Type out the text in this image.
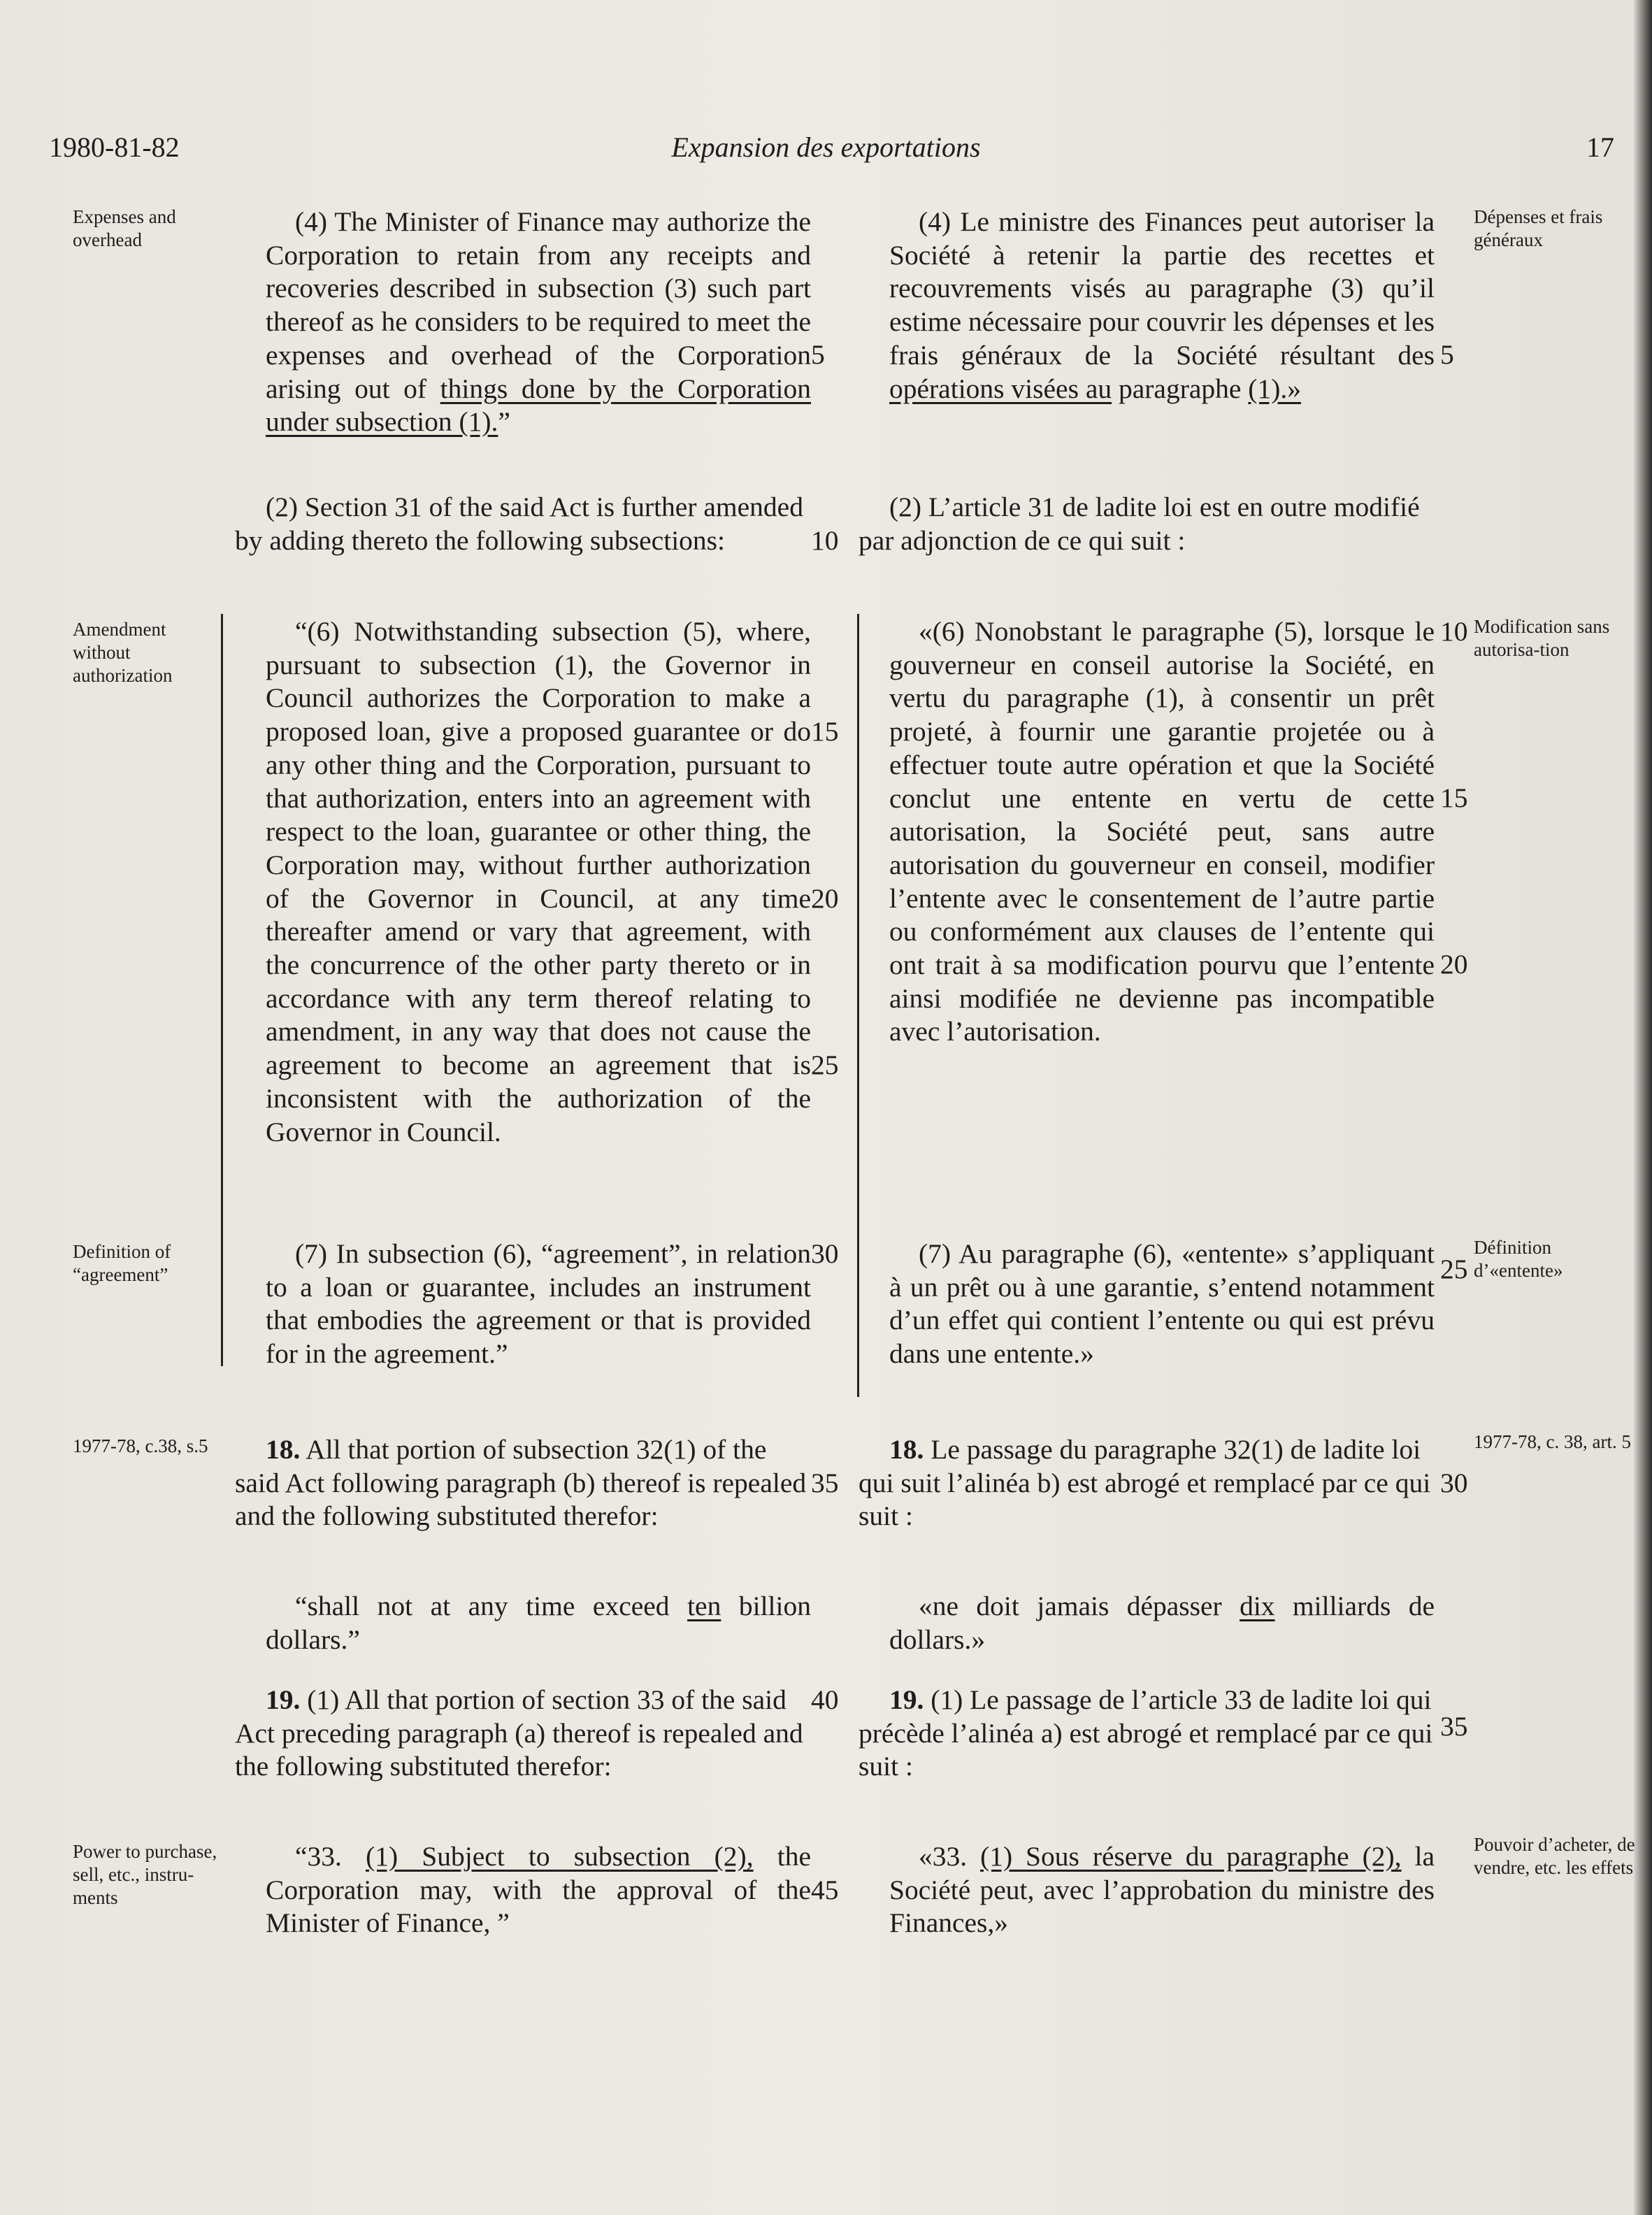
1980-81-82	Expansion des exportations	17
Expenses and overhead
Amendment without authorization
Definition of “agreement”
1977-78, c.38, s.5
Power to purchase, sell, etc., instru-ments
Dépenses et frais généraux
Modification sans autorisa-tion
Définition d’«entente»
1977-78, c. 38, art. 5
Pouvoir d’acheter, de vendre, etc. les effets

(4) The Minister of Finance may authorize the Corporation to retain from any receipts and recoveries described in subsection (3) such part thereof as he considers to be required to meet the expenses and overhead of the Corporation arising out of things done by the Corporation under subsection (1).”

(2) Section 31 of the said Act is further amended by adding thereto the following subsections:

“(6) Notwithstanding subsection (5), where, pursuant to subsection (1), the Governor in Council authorizes the Corporation to make a proposed loan, give a proposed guarantee or do any other thing and the Corporation, pursuant to that authorization, enters into an agreement with respect to the loan, guarantee or other thing, the Corporation may, without further authorization of the Governor in Council, at any time thereafter amend or vary that agreement, with the concurrence of the other party thereto or in accordance with any term thereof relating to amendment, in any way that does not cause the agreement to become an agreement that is inconsistent with the authorization of the Governor in Council.

(7) In subsection (6), “agreement”, in relation to a loan or guarantee, includes an instrument that embodies the agreement or that is provided for in the agreement.”

18. All that portion of subsection 32(1) of the said Act following paragraph (b) thereof is repealed and the following substituted therefor:

“shall not at any time exceed ten billion dollars.”

19. (1) All that portion of section 33 of the said Act preceding paragraph (a) thereof is repealed and the following substituted therefor:

“33. (1) Subject to subsection (2), the Corporation may, with the approval of the Minister of Finance, ”

(4) Le ministre des Finances peut autoriser la Société à retenir la partie des recettes et recouvrements visés au paragraphe (3) qu’il estime nécessaire pour couvrir les dépenses et les frais généraux de la Société résultant des opérations visées au paragraphe (1).»

(2) L’article 31 de ladite loi est en outre modifié par adjonction de ce qui suit :

«(6) Nonobstant le paragraphe (5), lorsque le gouverneur en conseil autorise la Société, en vertu du paragraphe (1), à consentir un prêt projeté, à fournir une garantie projetée ou à effectuer toute autre opération et que la Société conclut une entente en vertu de cette autorisation, la Société peut, sans autre autorisation du gouverneur en conseil, modifier l’entente avec le consentement de l’autre partie ou conformément aux clauses de l’entente qui ont trait à sa modification pourvu que l’entente ainsi modifiée ne devienne pas incompatible avec l’autorisation.

(7) Au paragraphe (6), «entente» s’appliquant à un prêt ou à une garantie, s’entend notamment d’un effet qui contient l’entente ou qui est prévu dans une entente.»

18. Le passage du paragraphe 32(1) de ladite loi qui suit l’alinéa b) est abrogé et remplacé par ce qui suit :

«ne doit jamais dépasser dix milliards de dollars.»

19. (1) Le passage de l’article 33 de ladite loi qui précède l’alinéa a) est abrogé et remplacé par ce qui suit :

«33. (1) Sous réserve du paragraphe (2), la Société peut, avec l’approbation du ministre des Finances,»

5
10
15
20
25
30
35
40
45
5
10
15
20
25
30
35
